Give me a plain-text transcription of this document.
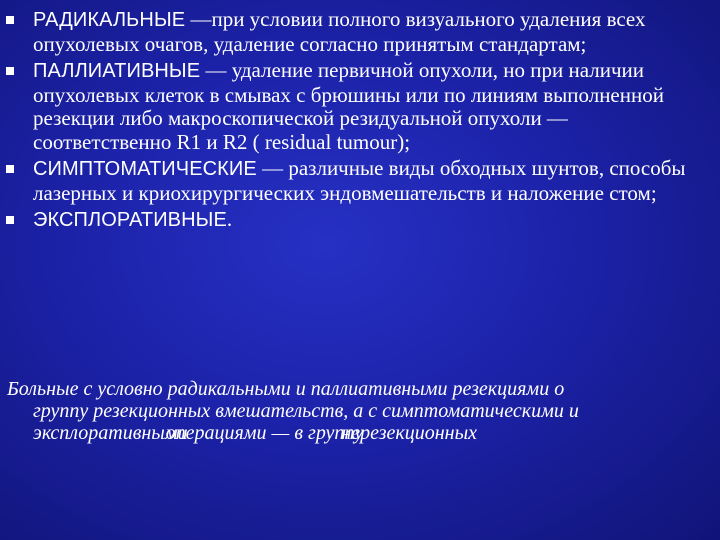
РАДИКАЛЬНЫЕ —при условии полного визуального удаления всех опухолевых очагов, удаление согласно принятым стандартам;
ПАЛЛИАТИВНЫЕ — удаление первичной опухоли, но при наличии опухолевых клеток в смывах с брюшины или по линиям выполненной резекции либо макроскопической резидуальной опухоли — соответственно R1 и R2 ( residual tumour);
СИМПТОМАТИЧЕСКИЕ — различные виды обходных шунтов, способы лазерных и криохирургических эндовмешательств и наложение стом;
ЭКСПЛОРАТИВНЫЕ.
Больные с условно радикальными и паллиативными резекциями о
группу резекционных вмешательств, а с симптоматическими и
эксплоративнымиоперациями — в группунерезекционных
